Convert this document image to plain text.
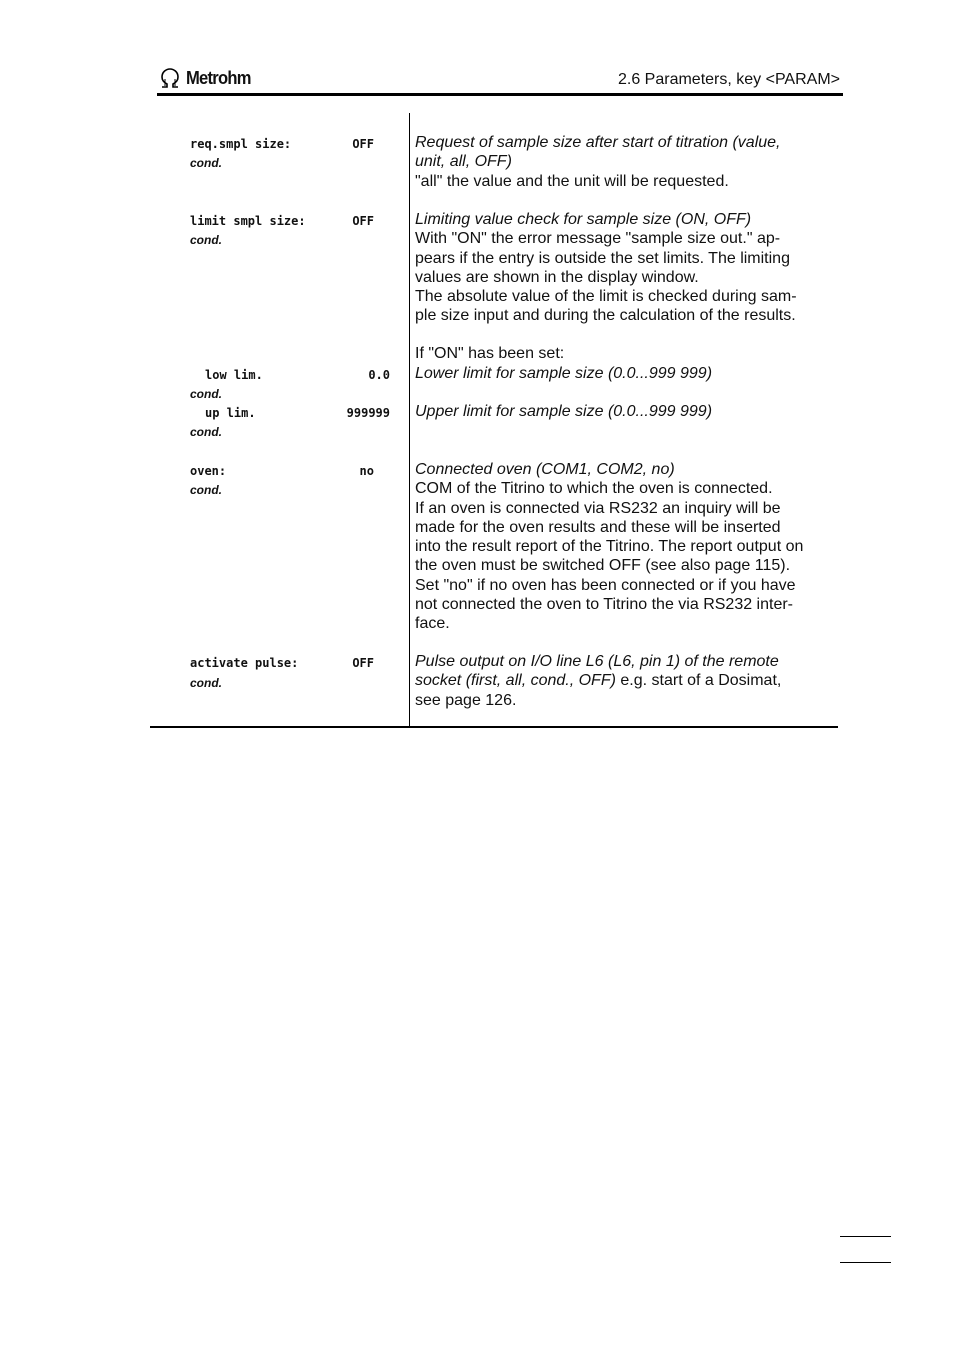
Metrohm	2.6 Parameters, key <PARAM>
req.smpl size:	OFF
cond.

Request of sample size after start of titration (value,

unit, all, OFF)

"all" the value and the unit will be requested.

limit smpl size:	OFF
cond.

Limiting value check for sample size (ON, OFF)

With "ON" the error message "sample size out." ap-

pears if the entry is outside the set limits. The limiting

values are shown in the display window.

The absolute value of the limit is checked during sam-

ple size input and during the calculation of the results.

If "ON" has been set:
low lim.	0.0
cond.

Lower limit for sample size (0.0...999 999)

up lim.	999999
cond.

Upper limit for sample size (0.0...999 999)

oven:	no
cond.

Connected oven (COM1, COM2, no)

COM of the Titrino to which the oven is connected.

If an oven is connected via RS232 an inquiry will be

made for the oven results and these will be inserted

into the result report of the Titrino. The report output on

the oven must be switched OFF (see also page 115).

Set "no" if no oven has been connected or if you have

not connected the oven to Titrino the via RS232 inter-

face.

activate pulse:	OFF
cond.

Pulse output on I/O line L6 (L6, pin 1) of the remote

socket (first, all, cond., OFF) e.g. start of a Dosimat,

see page 126.
